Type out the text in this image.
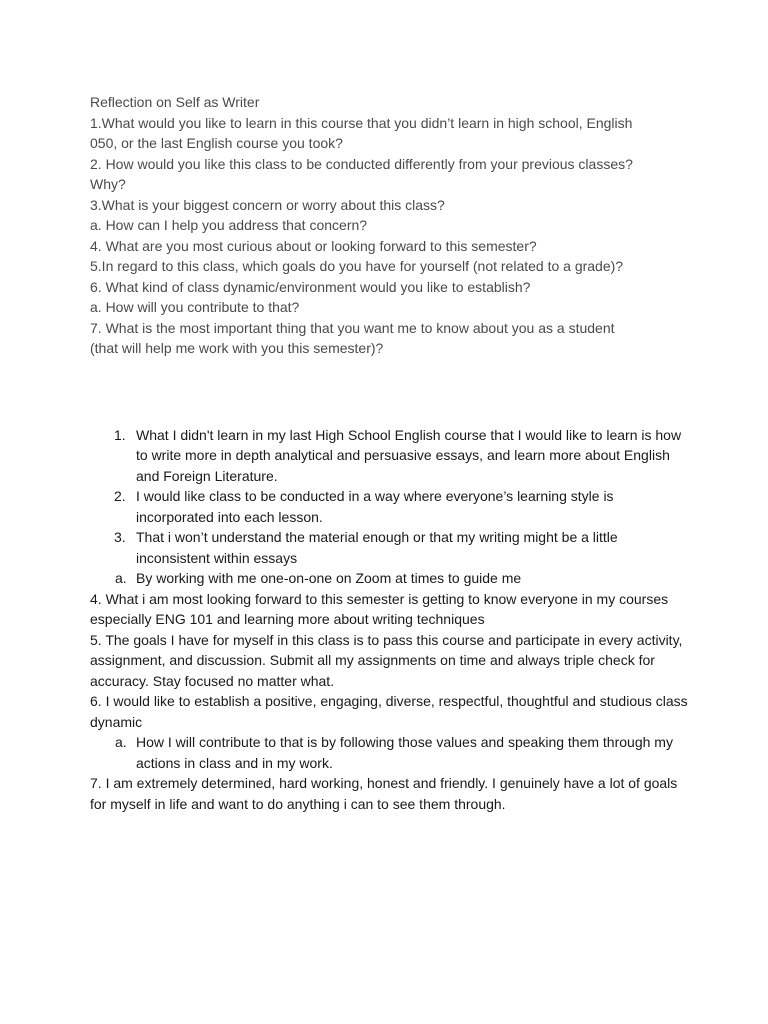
Reflection on Self as Writer
1.What would you like to learn in this course that you didn’t learn in high school, English
050, or the last English course you took?
2. How would you like this class to be conducted differently from your previous classes?
Why?
3.What is your biggest concern or worry about this class?
a. How can I help you address that concern?
4. What are you most curious about or looking forward to this semester?
5.In regard to this class, which goals do you have for yourself (not related to a grade)?
6. What kind of class dynamic/environment would you like to establish?
a. How will you contribute to that?
7. What is the most important thing that you want me to know about you as a student
(that will help me work with you this semester)?
1. What I didn't learn in my last High School English course that I would like to learn is how to write more in depth analytical and persuasive essays, and learn more about English and Foreign Literature.
2. I would like class to be conducted in a way where everyone’s learning style is incorporated into each lesson.
3. That i won’t understand the material enough or that my writing might be a little inconsistent within essays
a. By working with me one-on-one on Zoom at times to guide me
4. What i am most looking forward to this semester is getting to know everyone in my courses especially ENG 101 and learning more about writing techniques
5. The goals I have for myself in this class is to pass this course and participate in every activity, assignment, and discussion. Submit all my assignments on time and always triple check for accuracy. Stay focused no matter what.
6. I would like to establish a positive, engaging, diverse, respectful, thoughtful and studious class dynamic
a. How I will contribute to that is by following those values and speaking them through my actions in class and in my work.
7. I am extremely determined, hard working, honest and friendly. I genuinely have a lot of goals for myself in life and want to do anything i can to see them through.
